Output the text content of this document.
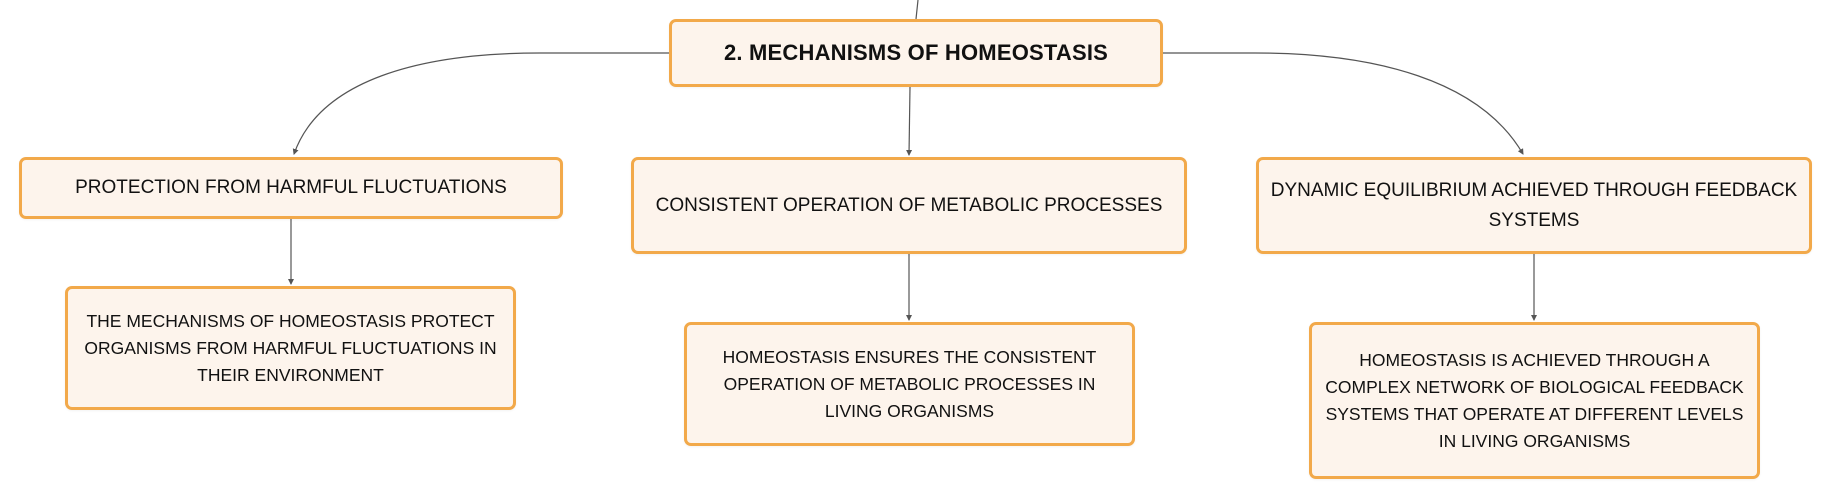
2. MECHANISMS OF HOMEOSTASIS
PROTECTION FROM HARMFUL FLUCTUATIONS
CONSISTENT OPERATION OF METABOLIC PROCESSES
DYNAMIC EQUILIBRIUM ACHIEVED THROUGH FEEDBACK SYSTEMS
THE MECHANISMS OF HOMEOSTASIS PROTECT ORGANISMS FROM HARMFUL FLUCTUATIONS IN THEIR ENVIRONMENT
HOMEOSTASIS ENSURES THE CONSISTENT OPERATION OF METABOLIC PROCESSES IN LIVING ORGANISMS
HOMEOSTASIS IS ACHIEVED THROUGH A COMPLEX NETWORK OF BIOLOGICAL FEEDBACK SYSTEMS THAT OPERATE AT DIFFERENT LEVELS IN LIVING ORGANISMS
